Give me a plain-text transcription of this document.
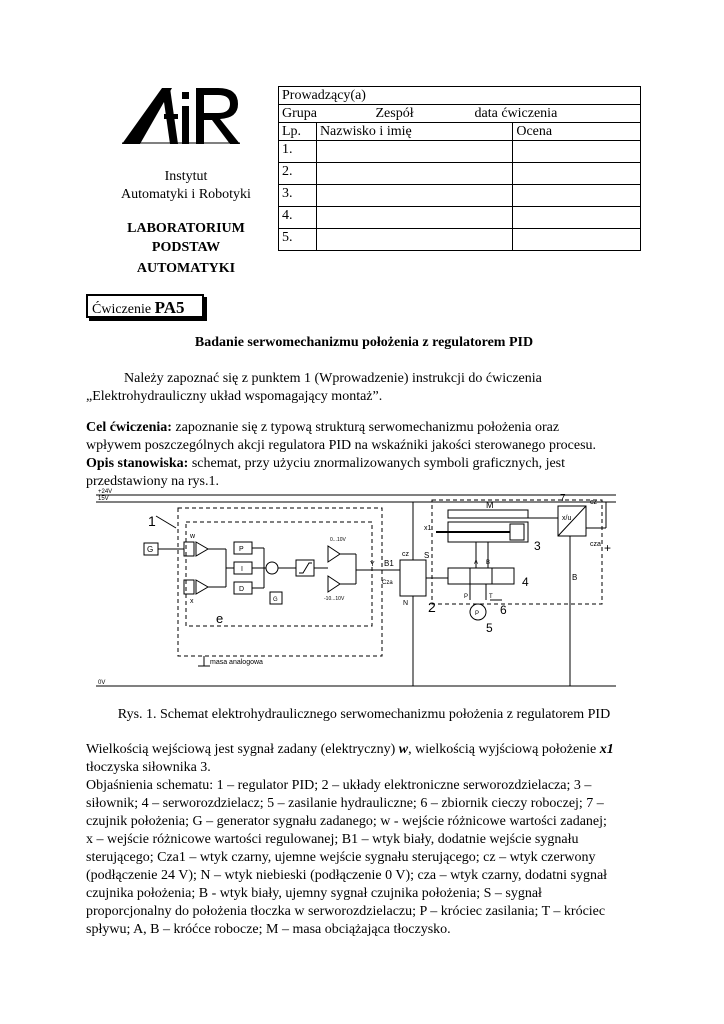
Instytut
Automatyki i Robotyki
LABORATORIUM
PODSTAW
AUTOMATYKI
Prowadzący(a)		
Grupa Zespół data ćwiczenia		

Lp.	Nazwisko i imię	Ocena
1.		
2.		
3.		
4.		
5.		
Ćwiczenie PA5
Badanie serwomechanizmu położenia z regulatorem PID
Należy zapoznać się z punktem 1 (Wprowadzenie) instrukcji do ćwiczenia
„Elektrohydrauliczny układ wspomagający montaż”.
Cel ćwiczenia: zapoznanie się z typową strukturą serwomechanizmu położenia oraz
wpływem poszczególnych akcji regulatora PID na wskaźniki jakości sterowanego procesu.
Opis stanowiska: schemat, przy użyciu znormalizowanych symboli graficznych, jest
przedstawiony na rys.1.
+24V
15V
0V
1
G
w
x
P
I
D
0...10V
-10...10V
Y
G
e
masa analogowa
B1
Cza
cz
N 2
S
M
x1
3
A B
4
P	T
P
5
6
x/u
7	cz
cza +
B
Rys. 1. Schemat elektrohydraulicznego serwomechanizmu położenia z regulatorem PID
Wielkością wejściową jest sygnał zadany (elektryczny) w, wielkością wyjściową położenie x1
tłoczyska siłownika 3.
Objaśnienia schematu: 1 – regulator PID; 2 – układy elektroniczne serworozdzielacza; 3 –
siłownik; 4 – serworozdzielacz; 5 – zasilanie hydrauliczne; 6 – zbiornik cieczy roboczej; 7 –
czujnik położenia; G – generator sygnału zadanego; w - wejście różnicowe wartości zadanej;
x – wejście różnicowe wartości regulowanej; B1 – wtyk biały, dodatnie wejście sygnału
sterującego; Cza1 – wtyk czarny, ujemne wejście sygnału sterującego; cz – wtyk czerwony
(podłączenie 24 V); N – wtyk niebieski (podłączenie 0 V); cza – wtyk czarny, dodatni sygnał
czujnika położenia; B - wtyk biały, ujemny sygnał czujnika położenia; S – sygnał
proporcjonalny do położenia tłoczka w serworozdzielaczu; P – króciec zasilania; T – króciec
spływu; A, B – króćce robocze; M – masa obciążająca tłoczysko.
